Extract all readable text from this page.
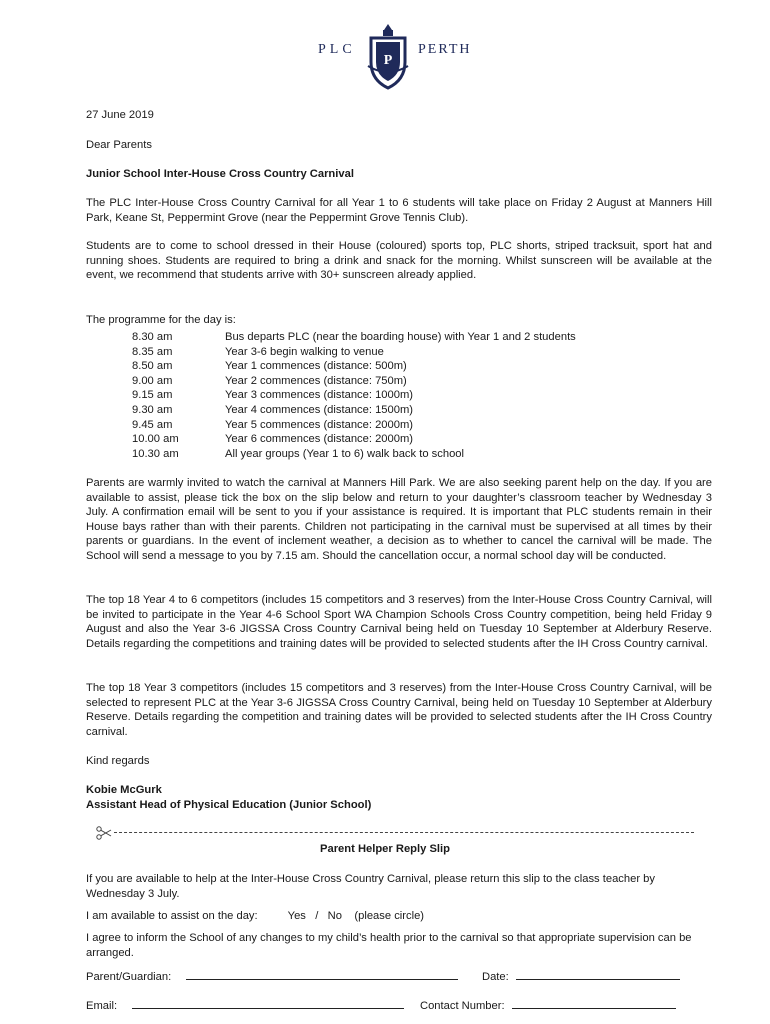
PLC
P
PERTH
27 June 2019
Dear Parents
Junior School Inter-House Cross Country Carnival
The PLC Inter-House Cross Country Carnival for all Year 1 to 6 students will take place on Friday 2 August at Manners Hill Park, Keane St, Peppermint Grove (near the Peppermint Grove Tennis Club).
Students are to come to school dressed in their House (coloured) sports top, PLC shorts, striped tracksuit, sport hat and running shoes. Students are required to bring a drink and snack for the morning. Whilst sunscreen will be available at the event, we recommend that students arrive with 30+ sunscreen already applied.
The programme for the day is:
8.30 am	Bus departs PLC (near the boarding house) with Year 1 and 2 students
8.35 am	Year 3-6 begin walking to venue
8.50 am	Year 1 commences (distance: 500m)
9.00 am	Year 2 commences (distance: 750m)
9.15 am	Year 3 commences (distance: 1000m)
9.30 am	Year 4 commences (distance: 1500m)
9.45 am	Year 5 commences (distance: 2000m)
10.00 am	Year 6 commences (distance: 2000m)
10.30 am	All year groups (Year 1 to 6) walk back to school
Parents are warmly invited to watch the carnival at Manners Hill Park. We are also seeking parent help on the day. If you are available to assist, please tick the box on the slip below and return to your daughter’s classroom teacher by Wednesday 3 July. A confirmation email will be sent to you if your assistance is required. It is important that PLC students remain in their House bays rather than with their parents. Children not participating in the carnival must be supervised at all times by their parents or guardians. In the event of inclement weather, a decision as to whether to cancel the carnival will be made. The School will send a message to you by 7.15 am. Should the cancellation occur, a normal school day will be conducted.
The top 18 Year 4 to 6 competitors (includes 15 competitors and 3 reserves) from the Inter-House Cross Country Carnival, will be invited to participate in the Year 4-6 School Sport WA Champion Schools Cross Country competition, being held Friday 9 August and also the Year 3-6 JIGSSA Cross Country Carnival being held on Tuesday 10 September at Alderbury Reserve. Details regarding the competitions and training dates will be provided to selected students after the IH Cross Country carnival.
The top 18 Year 3 competitors (includes 15 competitors and 3 reserves) from the Inter-House Cross Country Carnival, will be selected to represent PLC at the Year 3-6 JIGSSA Cross Country Carnival, being held on Tuesday 10 September at Alderbury Reserve. Details regarding the competition and training dates will be provided to selected students after the IH Cross Country carnival.
Kind regards
Kobie McGurk
Assistant Head of Physical Education (Junior School)
Parent Helper Reply Slip
If you are available to help at the Inter-House Cross Country Carnival, please return this slip to the class teacher by Wednesday 3 July.
I am available to assist on the day:	Yes   /   No    (please circle)
I agree to inform the School of any changes to my child’s health prior to the carnival so that appropriate supervision can be arranged.
Parent/Guardian:	Date:
Email:	Contact Number:
